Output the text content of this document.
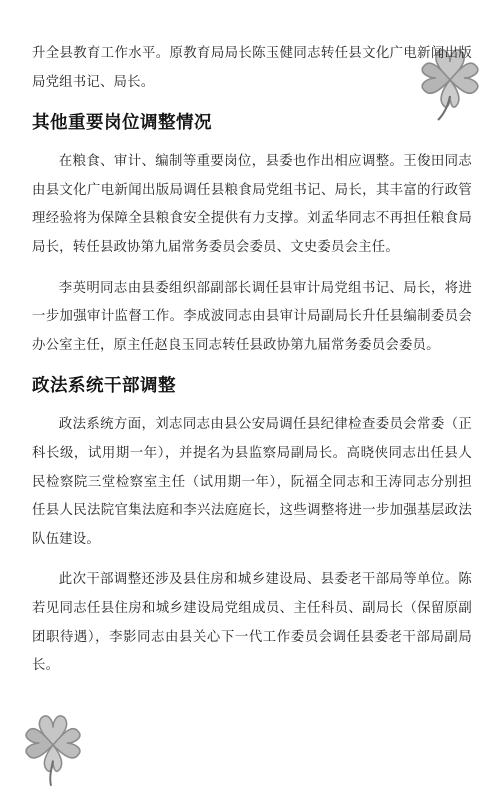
升全县教育工作水平。原教育局局长陈玉健同志转任县文化广电新闻出版局党组书记、局长。

其他重要岗位调整情况

在粮食、审计、编制等重要岗位，县委也作出相应调整。王俊田同志由县文化广电新闻出版局调任县粮食局党组书记、局长，其丰富的行政管理经验将为保障全县粮食安全提供有力支撑。刘孟华同志不再担任粮食局局长，转任县政协第九届常务委员会委员、文史委员会主任。

李英明同志由县委组织部副部长调任县审计局党组书记、局长，将进一步加强审计监督工作。李成波同志由县审计局副局长升任县编制委员会办公室主任，原主任赵良玉同志转任县政协第九届常务委员会委员。

政法系统干部调整

政法系统方面，刘志同志由县公安局调任县纪律检查委员会常委（正科长级，试用期一年），并提名为县监察局副局长。高晓侠同志出任县人民检察院三堂检察室主任（试用期一年），阮福全同志和王涛同志分别担任县人民法院官集法庭和李兴法庭庭长，这些调整将进一步加强基层政法队伍建设。

此次干部调整还涉及县住房和城乡建设局、县委老干部局等单位。陈若见同志任县住房和城乡建设局党组成员、主任科员、副局长（保留原副团职待遇），李影同志由县关心下一代工作委员会调任县委老干部局副局长。
